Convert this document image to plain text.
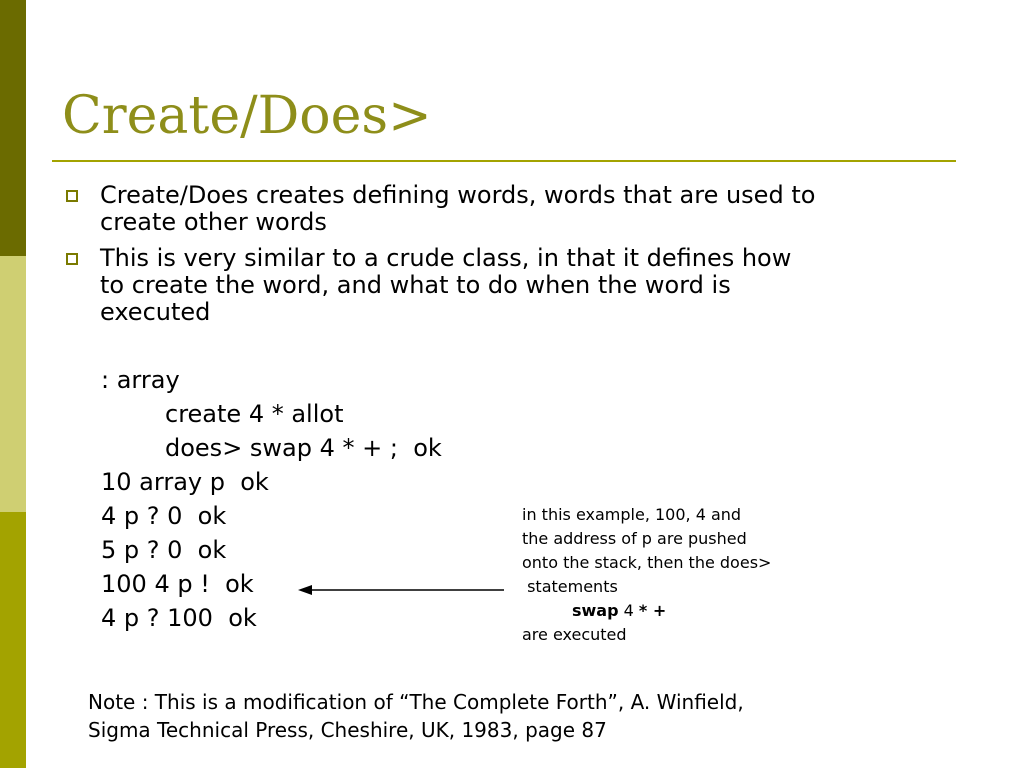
Create/Does>
Create/Does creates defining words, words that are used to
create other words
This is very similar to a crude class, in that it defines how
to create the word, and what to do when the word is
executed
: array
create 4 * allot
does> swap 4 * + ;  ok
10 array p  ok
4 p ? 0  ok
5 p ? 0  ok
100 4 p !  ok
4 p ? 100  ok
in this example, 100, 4 and
the address of p are pushed
onto the stack, then the does>
statements
swap 4 * +
are executed
Note : This is a modification of “The Complete Forth”, A. Winfield,
Sigma Technical Press, Cheshire, UK, 1983, page 87
